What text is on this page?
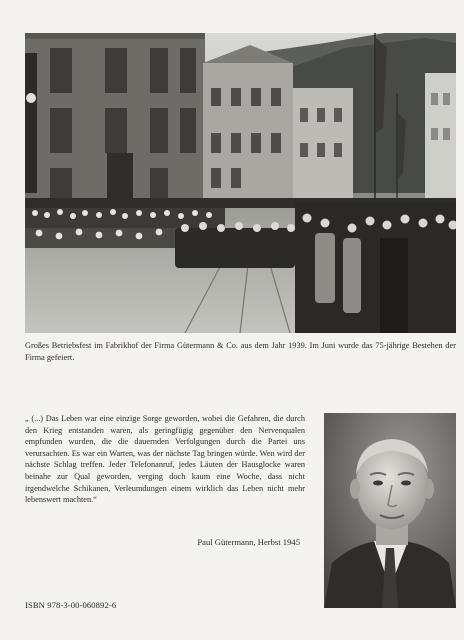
Großes Betriebsfest im Fabrikhof der Firma Gütermann & Co. aus dem Jahr 1939. Im Juni wurde das 75-jährige Bestehen der Firma gefeiert.

„ (...) Das Leben war eine einzige Sorge geworden, wobei die Gefahren, die durch den Krieg entstanden waren, als geringfügig gegenüber den Nervenqualen empfunden wurden, die die dauernden Verfolgungen durch die Partei uns verursachten. Es war ein Warten, was der nächste Tag bringen würde. Wen wird der nächste Schlag treffen. Jeder Telefonanruf, jedes Läuten der Hausglocke waren beinahe zur Qual geworden, verging doch kaum eine Woche, dass nicht irgendwelche Schikanen, Verleumdungen einem wirklich das Leben nicht mehr lebenswert machten.“

Paul Gütermann, Herbst 1945

ISBN 978-3-00-060892-6
